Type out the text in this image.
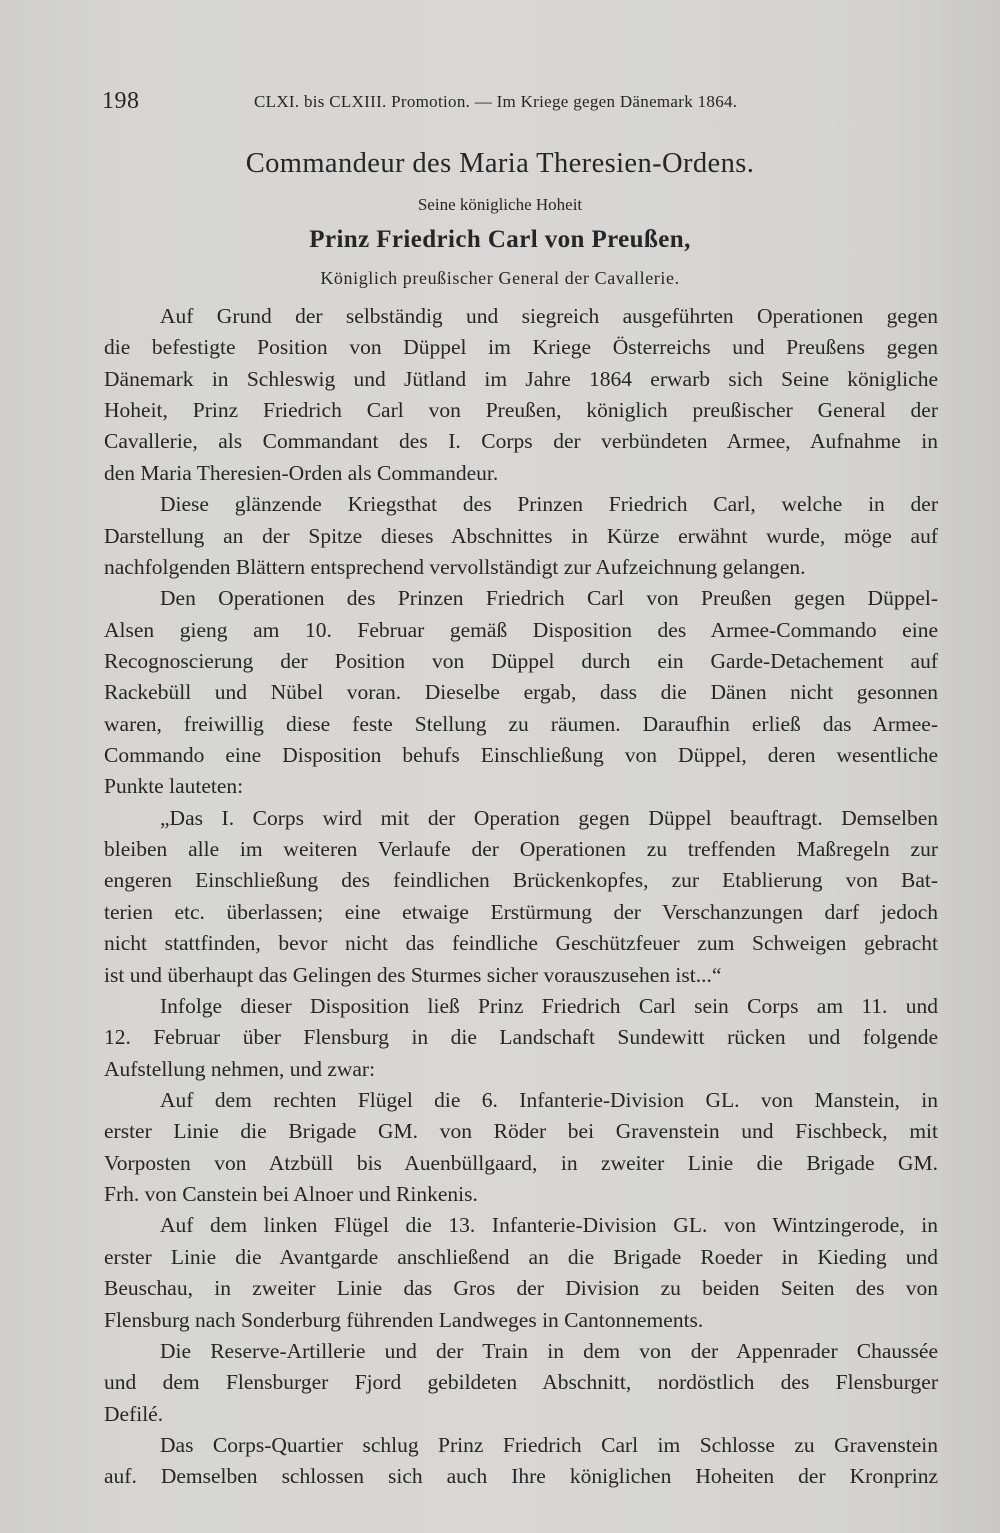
198	CLXI. bis CLXIII. Promotion. — Im Kriege gegen Dänemark 1864.
Commandeur des Maria Theresien-Ordens.
Seine königliche Hoheit
Prinz Friedrich Carl von Preußen,
Königlich preußischer General der Cavallerie.
Auf Grund der selbständig und siegreich ausgeführten Operationen gegen
die befestigte Position von Düppel im Kriege Österreichs und Preußens gegen
Dänemark in Schleswig und Jütland im Jahre 1864 erwarb sich Seine königliche
Hoheit, Prinz Friedrich Carl von Preußen, königlich preußischer General der
Cavallerie, als Commandant des I. Corps der verbündeten Armee, Aufnahme in
den Maria Theresien-Orden als Commandeur.
Diese glänzende Kriegsthat des Prinzen Friedrich Carl, welche in der
Darstellung an der Spitze dieses Abschnittes in Kürze erwähnt wurde, möge auf
nachfolgenden Blättern entsprechend vervollständigt zur Aufzeichnung gelangen.
Den Operationen des Prinzen Friedrich Carl von Preußen gegen Düppel-
Alsen gieng am 10. Februar gemäß Disposition des Armee-Commando eine
Recognoscierung der Position von Düppel durch ein Garde-Detachement auf
Rackebüll und Nübel voran. Dieselbe ergab, dass die Dänen nicht gesonnen
waren, freiwillig diese feste Stellung zu räumen. Daraufhin erließ das Armee-
Commando eine Disposition behufs Einschließung von Düppel, deren wesentliche
Punkte lauteten:
„Das I. Corps wird mit der Operation gegen Düppel beauftragt. Demselben
bleiben alle im weiteren Verlaufe der Operationen zu treffenden Maßregeln zur
engeren Einschließung des feindlichen Brückenkopfes, zur Etablierung von Bat-
terien etc. überlassen; eine etwaige Erstürmung der Verschanzungen darf jedoch
nicht stattfinden, bevor nicht das feindliche Geschützfeuer zum Schweigen gebracht
ist und überhaupt das Gelingen des Sturmes sicher vorauszusehen ist...“
Infolge dieser Disposition ließ Prinz Friedrich Carl sein Corps am 11. und
12. Februar über Flensburg in die Landschaft Sundewitt rücken und folgende
Aufstellung nehmen, und zwar:
Auf dem rechten Flügel die 6. Infanterie-Division GL. von Manstein, in
erster Linie die Brigade GM. von Röder bei Gravenstein und Fischbeck, mit
Vorposten von Atzbüll bis Auenbüllgaard, in zweiter Linie die Brigade GM.
Frh. von Canstein bei Alnoer und Rinkenis.
Auf dem linken Flügel die 13. Infanterie-Division GL. von Wintzingerode, in
erster Linie die Avantgarde anschließend an die Brigade Roeder in Kieding und
Beuschau, in zweiter Linie das Gros der Division zu beiden Seiten des von
Flensburg nach Sonderburg führenden Landweges in Cantonnements.
Die Reserve-Artillerie und der Train in dem von der Appenrader Chaussée
und dem Flensburger Fjord gebildeten Abschnitt, nordöstlich des Flensburger
Defilé.
Das Corps-Quartier schlug Prinz Friedrich Carl im Schlosse zu Gravenstein
auf. Demselben schlossen sich auch Ihre königlichen Hoheiten der Kronprinz
